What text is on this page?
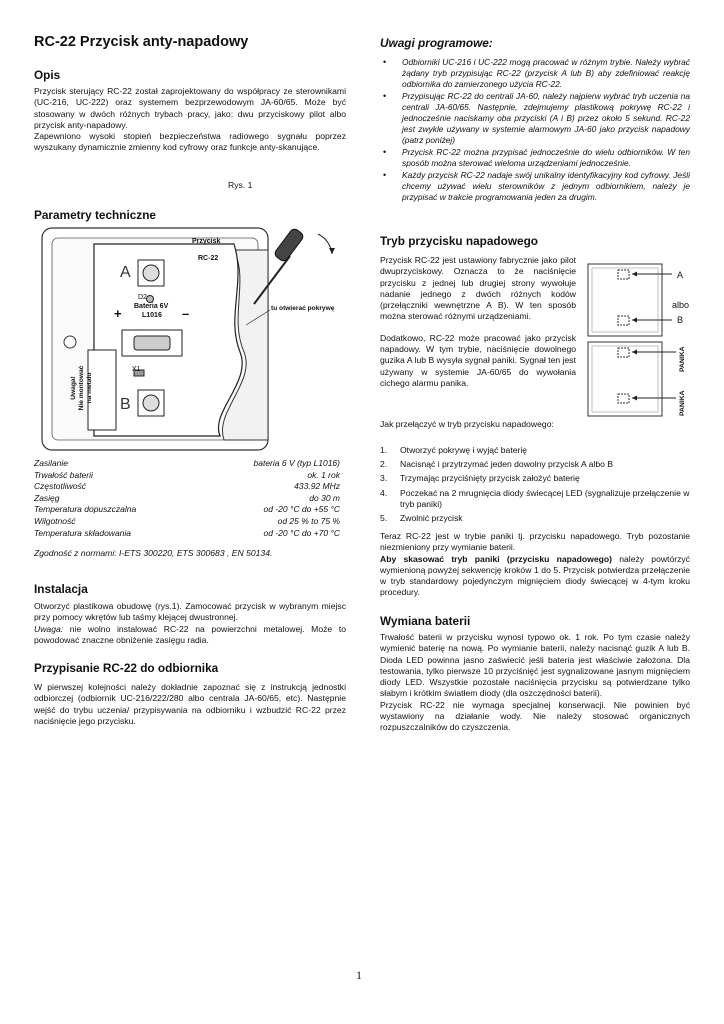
RC-22 Przycisk anty-napadowy
Opis

Przycisk sterujący RC-22 został zaprojektowany do współpracy ze sterownikami (UC-216, UC-222) oraz systemem bezprzewodowym JA-60/65. Może być stosowany w dwóch różnych trybach pracy, jako: dwu przyciskowy pilot albo przycisk anty-napadowy.

Zapewniono wysoki stopień bezpieczeństwa radiowego sygnału poprzez wyszukany dynamicznie zmienny kod cyfrowy oraz funkcje anty-skanujące.

Rys. 1
Parametry techniczne
Przycisk
RC-22
A
D2
Bateria 6V
L1016
+	–
X1
B
tu otwierać pokrywę
Uwaga! Nie montować na metalu
Zasilanie	bateria 6 V (typ L1016)
Trwałość baterii	ok. 1 rok
Częstotliwość	433.92 MHz
Zasięg	do 30 m
Temperatura dopuszczalna	od -20 °C do +55 °C
Wilgotność	od 25 % to 75 %
Temperatura składowania	od -20 °C do +70 °C
Zgodność z normami: I-ETS 300220, ETS 300683 , EN 50134.
Instalacja

Otworzyć plastikowa obudowę (rys.1). Zamocować przycisk w wybranym miejsc przy pomocy wkrętów lub taśmy klejącej dwustronnej.

Uwaga: nie wolno instalować RC-22 na powierzchni metalowej. Może to powodować znaczne obniżenie zasięgu radia.

Przypisanie RC-22 do odbiornika

W pierwszej kolejności należy dokładnie zapoznać się z instrukcją jednostki odbiorczej (odbiornik UC-216/222/280 albo centrala JA-60/65, etc). Następnie wejść do trybu uczenia/ przypisywania na odbiorniku i wzbudzić RC-22 przez naciśnięcie jego przycisku.

Uwagi programowe:
• Odbiorniki UC-216 i UC-222 mogą pracować w różnym trybie. Należy wybrać żądany tryb przypisując RC-22 (przycisk A lub B) aby zdefiniować reakcję odbiornika do zamierzonego użycia RC-22.
• Przypisując RC-22 do centrali JA-60, należy najpierw wybrać tryb uczenia na centrali JA-60/65. Następnie, zdejmujemy plastikową pokrywę RC-22 i jednocześnie naciskamy oba przyciski (A i B) przez około 5 sekund. RC-22 jest zwykle używany w systemie alarmowym JA-60 jako przycisk napadowy (patrz poniżej)
• Przycisk RC-22 można przypisać jednocześnie do wielu odbiorników. W ten sposób można sterować wieloma urządzeniami jednocześnie.
• Każdy przycisk RC-22 nadaje swój unikalny identyfikacyjny kod cyfrowy. Jeśli chcemy używać wielu sterowników z jednym odbiornikiem, należy je przypisać w trakcie programowania jeden za drugim.
Tryb przycisku napadowego

Przycisk RC-22 jest ustawiony fabrycznie jako pilot dwuprzyciskowy. Oznacza to że naciśnięcie przycisku z jednej lub drugiej strony wywołuje nadanie jednego z dwóch różnych kodów (przełączniki wewnętrzne A B). W ten sposób można sterować różnymi urządzeniami.

Dodatkowo, RC-22 może pracować jako przycisk napadowy. W tym trybie, naciśnięcie dowolnego guzika A lub B wysyła sygnał paniki. Sygnał ten jest używany w systemie JA-60/65 do wywołania cichego alarmu panika.

A
albo
B
PANIKA
PANIKA
Jak przełączyć w tryb przycisku napadowego:
1. Otworzyć pokrywę i wyjąć baterię
2. Nacisnąć i przytrzymać jeden dowolny przycisk A albo B
3. Trzymając przyciśnięty przycisk założyć baterię
4. Poczekać na 2 mrugnięcia diody świecącej LED (sygnalizuje przełączenie w tryb paniki)
5. Zwolnić przycisk

Teraz RC-22 jest w trybie paniki tj. przycisku napadowego. Tryb pozostanie niezmieniony przy wymianie baterii.

Aby skasować tryb paniki (przycisku napadowego) należy powtórzyć wymienioną powyżej sekwencję kroków 1 do 5. Przycisk potwierdza przełączenie w tryb standardowy pojedynczym mignięciem diody świecącej w 4-tym kroku procedury.

Wymiana baterii

Trwałość baterii w przycisku wynosi typowo ok. 1 rok. Po tym czasie należy wymienić baterię na nową. Po wymianie baterii, należy nacisnąć guzik A lub B. Dioda LED powinna jasno zaświecić jeśli bateria jest właściwie założona. Dla testowania, tylko pierwsze 10 przyciśnięć jest sygnalizowane jasnym mignięciem diody LED. Wszystkie pozostałe naciśnięcia przycisku są potwierdzane tylko słabym i krótkim światłem diody (dla oszczędności baterii).

Przycisk RC-22 nie wymaga specjalnej konserwacji. Nie powinien być wystawiony na działanie wody. Nie należy stosować organicznych rozpuszczalników do czyszczenia.

1
